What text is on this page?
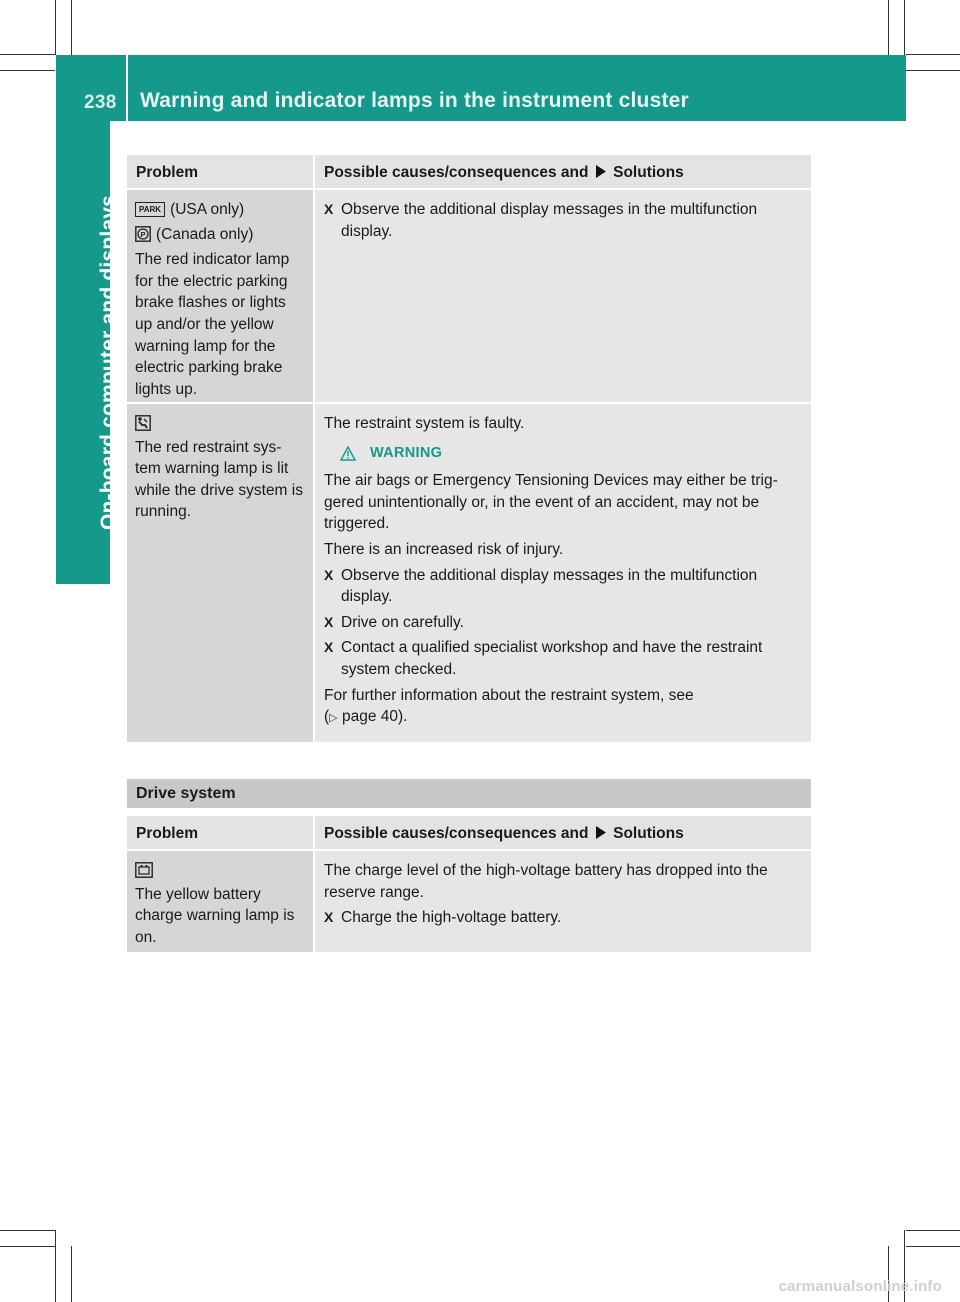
238 Warning and indicator lamps in the instrument cluster
On-board computer and displays
Problem	Possible causes/consequences and Solutions
PARK (USA only)
P (Canada only)
The red indicator lamp for the electric parking brake flashes or lights up and/or the yellow warning lamp for the electric parking brake lights up.
X Observe the additional display messages in the multifunction display.
The red restraint sys-tem warning lamp is lit while the drive system is running.
The restraint system is faulty.
WARNING
The air bags or Emergency Tensioning Devices may either be trig-gered unintentionally or, in the event of an accident, may not be triggered.
There is an increased risk of injury.
X Observe the additional display messages in the multifunction display.
X Drive on carefully.
X Contact a qualified specialist workshop and have the restraint system checked.
For further information about the restraint system, see
(▷ page 40).
Drive system
Problem	Possible causes/consequences and Solutions
The yellow battery charge warning lamp is on.
The charge level of the high-voltage battery has dropped into the reserve range.
X Charge the high-voltage battery.
carmanualsonline.info
